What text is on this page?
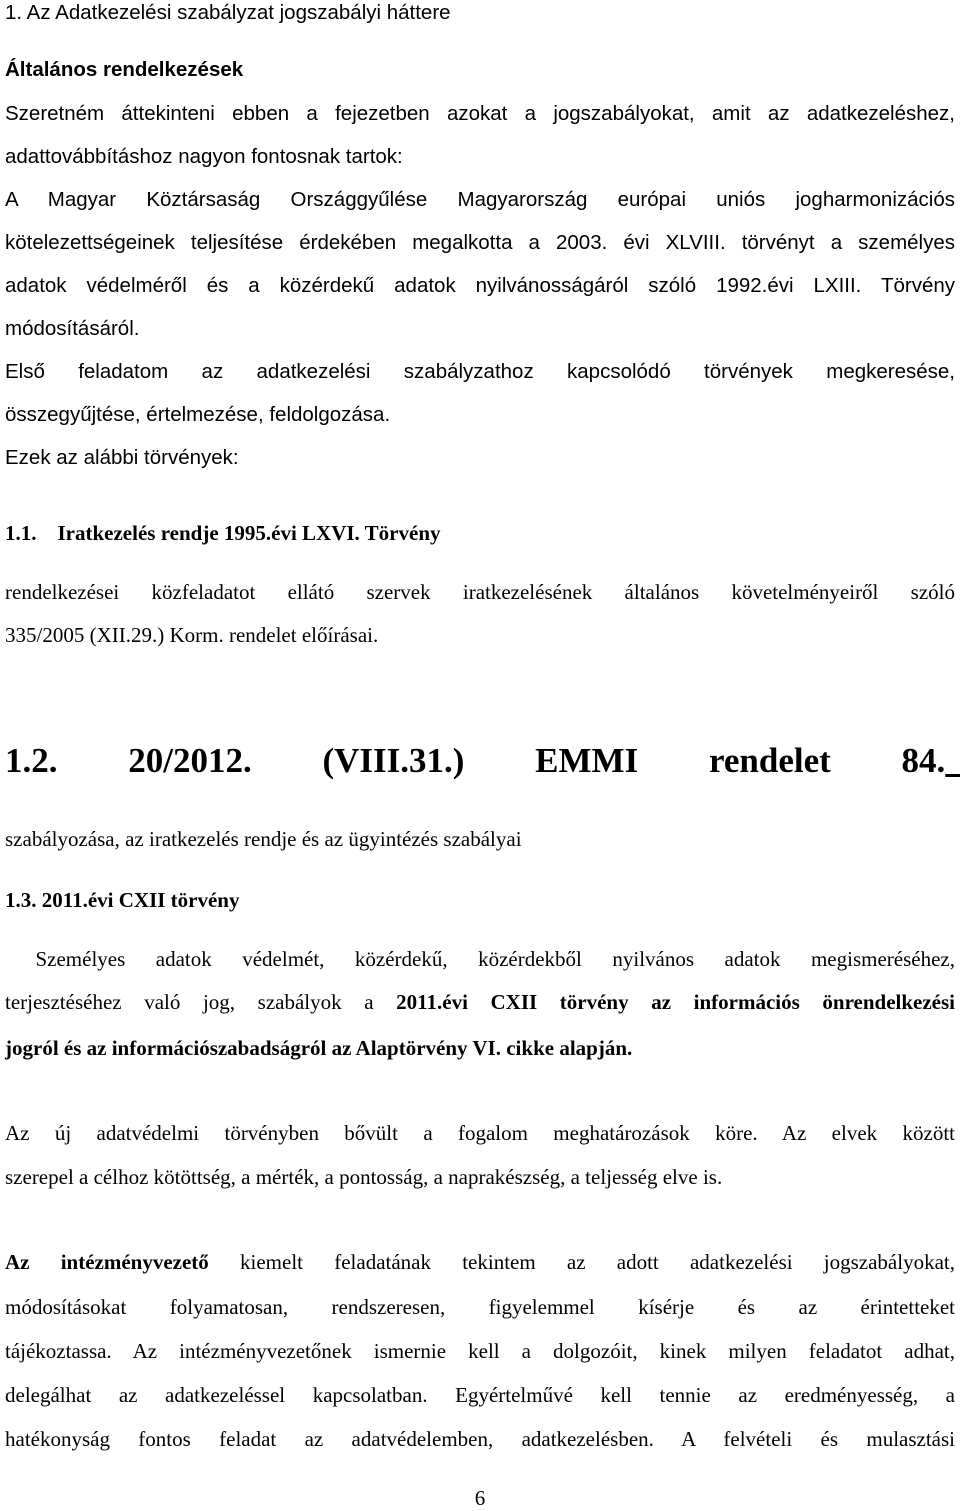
1. Az Adatkezelési szabályzat jogszabályi háttere

Általános rendelkezések

Szeretném áttekinteni ebben a fejezetben azokat a jogszabályokat, amit az adatkezeléshez,

adattovábbításhoz nagyon fontosnak tartok:

A Magyar Köztársaság Országgyűlése Magyarország európai uniós jogharmonizációs

kötelezettségeinek teljesítése érdekében megalkotta a 2003. évi XLVIII. törvényt a személyes

adatok védelméről és a közérdekű adatok nyilvánosságáról szóló 1992.évi LXIII. Törvény

módosításáról.

Első feladatom az adatkezelési szabályzathoz kapcsolódó törvények megkeresése,

összegyűjtése, értelmezése, feldolgozása.

Ezek az alábbi törvények:

1.1.    Iratkezelés rendje 1995.évi LXVI. Törvény

rendelkezései közfeladatot ellátó szervek iratkezelésének általános követelményeiről szóló

335/2005 (XII.29.) Korm. rendelet előírásai.

1.2. 20/2012. (VIII.31.) EMMI rendelet 84.

szabályozása, az iratkezelés rendje és az ügyintézés szabályai

1.3. 2011.évi CXII törvény

Személyes adatok védelmét, közérdekű, közérdekből nyilvános adatok megismeréséhez,

terjesztéséhez való jog, szabályok a 2011.évi CXII törvény az információs önrendelkezési

jogról és az információszabadságról az Alaptörvény VI. cikke alapján.

Az új adatvédelmi törvényben bővült a fogalom meghatározások köre. Az elvek között

szerepel a célhoz kötöttség, a mérték, a pontosság, a naprakészség, a teljesség elve is.

Az intézményvezető kiemelt feladatának tekintem az adott adatkezelési jogszabályokat,

módosításokat folyamatosan, rendszeresen, figyelemmel kísérje és az érintetteket

tájékoztassa. Az intézményvezetőnek ismernie kell a dolgozóit, kinek milyen feladatot adhat,

delegálhat az adatkezeléssel kapcsolatban. Egyértelművé kell tennie az eredményesség, a

hatékonyság fontos feladat az adatvédelemben, adatkezelésben. A felvételi és mulasztási

6
